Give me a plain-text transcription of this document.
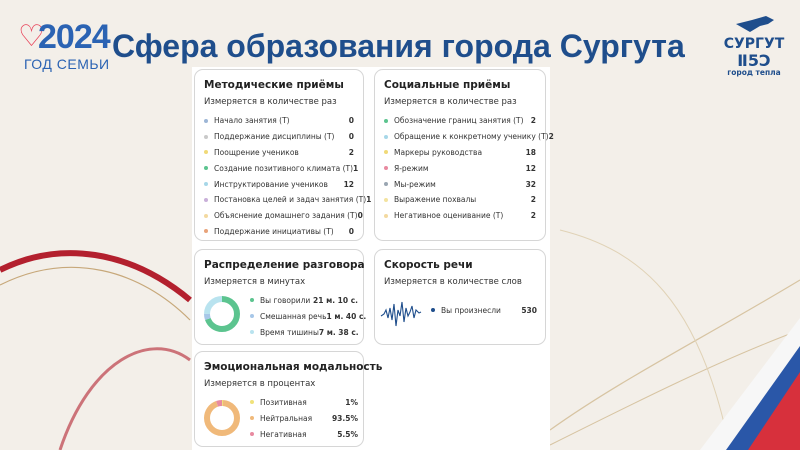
♡
2024
ГОД СЕМЬИ Сфера образования города Сургута	СУРГУТ
Ⅱ5Ɔ
город тепла
Методические приёмы
Измеряется в количестве раз
Начало занятия (Т)	0
Поддержание дисциплины (Т)	0
Поощрение учеников	2
Создание позитивного климата (Т) 1
Инструктирование учеников	12
Постановка целей и задач занятия (Т) 1
Объяснение домашнего задания (Т) 0
Поддержание инициативы (Т)	0
Социальные приёмы
Измеряется в количестве раз
Обозначение границ занятия (Т) 2
Обращение к конкретному ученику (Т) 2
Маркеры руководства	18
Я-режим	12
Мы-режим	32
Выражение похвалы	2
Негативное оценивание (Т)	2
Распределение разговора
Измеряется в минутах
Вы говорили 21 м. 10 с.
Смешанная речь 1 м. 40 с.
Время тишины 7 м. 38 с.
Скорость речи
Измеряется в количестве слов
Вы произнесли	530
Эмоциональная модальность
Измеряется в процентах
Позитивная	1%
Нейтральная	93.5%
Негативная	5.5%
